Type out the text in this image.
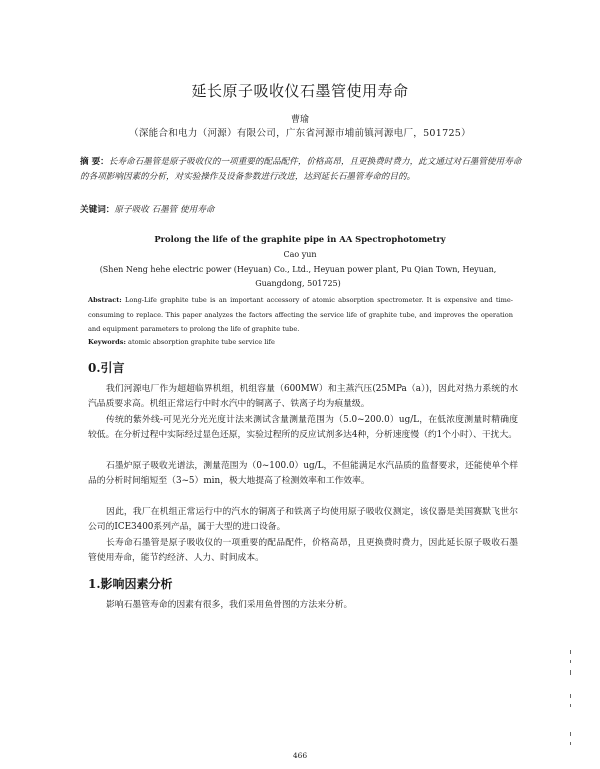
延长原子吸收仪石墨管使用寿命
曹瑜
（深能合和电力（河源）有限公司，广东省河源市埔前镇河源电厂，501725）
摘 要：长寿命石墨管是原子吸收仪的一项重要的配品配件，价格高昂，且更换费时费力，此文通过对石墨管使用寿命的各项影响因素的分析，对实验操作及设备参数进行改进，达到延长石墨管寿命的目的。
关键词：原子吸收 石墨管 使用寿命
Prolong the life of the graphite pipe in AA Spectrophotometry
Cao yun
(Shen Neng hehe electric power (Heyuan) Co., Ltd., Heyuan power plant, Pu Qian Town, Heyuan, Guangdong, 501725)
Abstract: Long-Life graphite tube is an important accessory of atomic absorption spectrometer. It is expensive and time-consuming to replace. This paper analyzes the factors affecting the service life of graphite tube, and improves the operation and equipment parameters to prolong the life of graphite tube.
Keywords: atomic absorption graphite tube service life
0.引言
我们河源电厂作为超超临界机组，机组容量（600MW）和主蒸汽压(25MPa（a）)，因此对热力系统的水汽品质要求高。机组正常运行中时水汽中的铜离子、铁离子均为痕量级。
传统的紫外线-可见光分光光度计法来测试含量测量范围为（5.0~200.0）ug/L，在低浓度测量时精确度较低。在分析过程中实际经过显色还原，实验过程所的反应试剂多达4种，分析速度慢（约1个小时）、干扰大。
石墨炉原子吸收光谱法，测量范围为（0~100.0）ug/L，不但能满足水汽品质的监督要求，还能使单个样品的分析时间缩短至（3~5）min，极大地提高了检测效率和工作效率。
因此，我厂在机组正常运行中的汽水的铜离子和铁离子均使用原子吸收仪测定，该仪器是美国赛默飞世尔公司的ICE3400系列产品，属于大型的进口设备。
长寿命石墨管是原子吸收仪的一项重要的配品配件，价格高昂，且更换费时费力，因此延长原子吸收石墨管使用寿命，能节约经济、人力、时间成本。
1.影响因素分析
影响石墨管寿命的因素有很多，我们采用鱼骨图的方法来分析。
466
